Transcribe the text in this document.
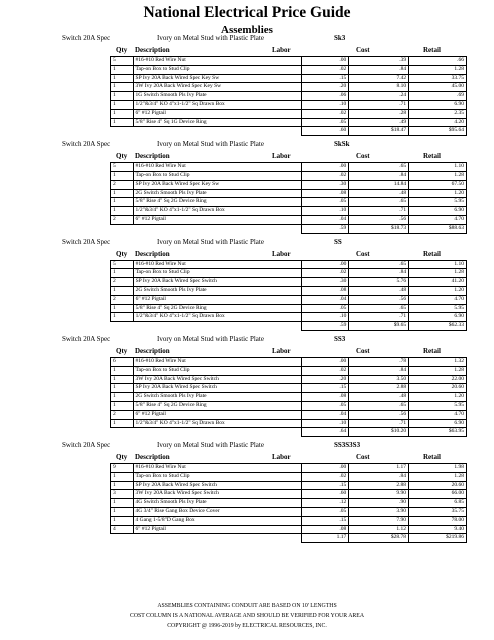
National Electrical Price Guide
Assemblies
Switch 20A Spec	Ivory on Metal Stud with Plastic Plate	Sk3
Qty Description	Labor	Cost	Retail
5	#16-#10 Red Wire Nut	.00	.39	.66
1	Tap-on Box to Stud Clip	.02	.84	1.28
1	SP Ivy 20A Back Wired Spec Key Sw	.15	7.42	33.75
1	3W Ivy 20A Back Wired Spec Key Sw	.20	8.10	45.00
1	1G Switch Smooth Pls Ivy Plate	.06	.24	.69
1	1/2"&3/4" KO 4"x1-1/2" Sq Drawn Box	.10	.71	6.90
1	6" #12 Pigtail	.02	.28	2.35
1	5/8" Rise 4" Sq 1G Device Ring	.05	.49	4.20
		.60	$18.47	$95.64
Switch 20A Spec	Ivory on Metal Stud with Plastic Plate	SkSk
Qty Description	Labor	Cost	Retail
5	#16-#10 Red Wire Nut	.00	.65	1.10
1	Tap-on Box to Stud Clip	.02	.84	1.28
2	SP Ivy 20A Back Wired Spec Key Sw	.30	14.84	67.50
1	2G Switch Smooth Pls Ivy Plate	.08	.48	1.20
1	5/8" Rise 4" Sq 2G Device Ring	.05	.65	5.95
1	1/2"&3/4" KO 4"x1-1/2" Sq Drawn Box	.10	.71	6.90
2	6" #12 Pigtail	.04	.56	4.70
		.59	$18.73	$88.63
Switch 20A Spec	Ivory on Metal Stud with Plastic Plate	SS
Qty Description	Labor	Cost	Retail
5	#16-#10 Red Wire Nut	.00	.65	1.10
1	Tap-on Box to Stud Clip	.02	.84	1.28
2	SP Ivy 20A Back Wired Spec Switch	.30	5.76	41.20
1	2G Switch Smooth Pls Ivy Plate	.08	.48	1.20
2	6" #12 Pigtail	.04	.56	4.70
1	5/8" Rise 4" Sq 2G Device Ring	.05	.65	5.95
1	1/2"&3/4" KO 4"x1-1/2" Sq Drawn Box	.10	.71	6.90
		.59	$9.65	$62.33
Switch 20A Spec	Ivory on Metal Stud with Plastic Plate	SS3
Qty Description	Labor	Cost	Retail
6	#16-#10 Red Wire Nut	.00	.78	1.32
1	Tap-on Box to Stud Clip	.02	.84	1.28
1	3W Ivy 20A Back Wired Spec Switch	.20	3.50	22.00
1	SP Ivy 20A Back Wired Spec Switch	.15	2.88	20.60
1	2G Switch Smooth Pls Ivy Plate	.08	.48	1.20
1	5/8" Rise 4" Sq 2G Device Ring	.05	.65	5.95
2	6" #12 Pigtail	.04	.56	4.70
1	1/2"&3/4" KO 4"x1-1/2" Sq Drawn Box	.10	.71	6.90
		.64	$10.20	$63.95
Switch 20A Spec	Ivory on Metal Stud with Plastic Plate	SS3S3S3
Qty Description	Labor	Cost	Retail
9	#16-#10 Red Wire Nut	.00	1.17	1.98
1	Tap-on Box to Stud Clip	.02	.84	1.28
1	SP Ivy 20A Back Wired Spec Switch	.15	2.88	20.60
3	3W Ivy 20A Back Wired Spec Switch	.60	9.90	66.00
1	4G Switch Smooth Pls Ivy Plate	.12	.90	6.85
1	4G 3/4" Rise Gang Box Device Cover	.05	3.90	35.75
1	4 Gang 1-5/8"D Gang Box	.15	7.90	78.00
4	6" #12 Pigtail	.08	1.12	9.40
		1.17	$28.78	$219.86
ASSEMBLIES CONTAINING CONDUIT ARE BASED ON 10' LENGTHS
COST COLUMN IS A NATIONAL AVERAGE AND SHOULD BE VERIFIED FOR YOUR AREA
COPYRIGHT @ 1996-2019 by ELECTRICAL RESOURCES, INC.
